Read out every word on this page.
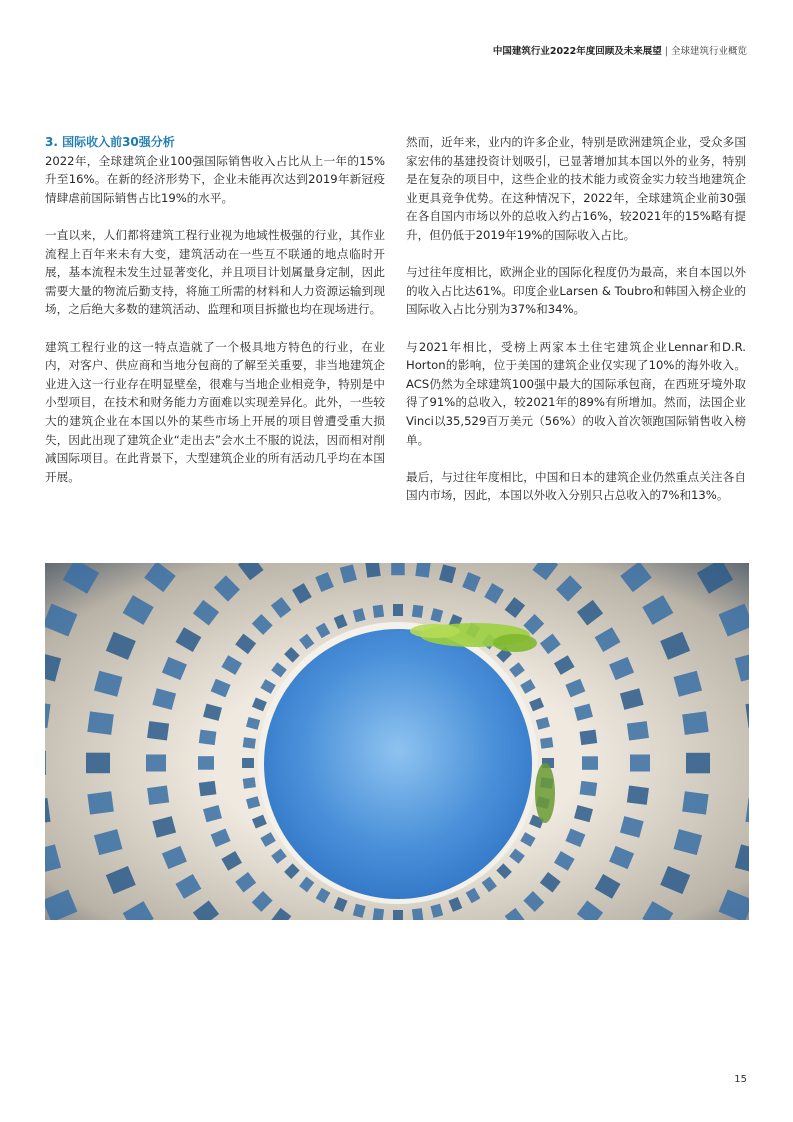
中国建筑行业2022年度回顾及未来展望 | 全球建筑行业概览
3. 国际收入前30强分析

2022年，全球建筑企业100强国际销售收入占比从上一年的15%升至16%。在新的经济形势下，企业未能再次达到2019年新冠疫情肆虐前国际销售占比19%的水平。

一直以来，人们都将建筑工程行业视为地域性极强的行业，其作业流程上百年来未有大变，建筑活动在一些互不联通的地点临时开展，基本流程未发生过显著变化，并且项目计划属量身定制，因此需要大量的物流后勤支持，将施工所需的材料和人力资源运输到现场，之后绝大多数的建筑活动、监理和项目拆撤也均在现场进行。

建筑工程行业的这一特点造就了一个极具地方特色的行业，在业内，对客户、供应商和当地分包商的了解至关重要，非当地建筑企业进入这一行业存在明显壁垒，很难与当地企业相竞争，特别是中小型项目，在技术和财务能力方面难以实现差异化。此外，一些较大的建筑企业在本国以外的某些市场上开展的项目曾遭受重大损失，因此出现了建筑企业“走出去”会水土不服的说法，因而相对削减国际项目。在此背景下，大型建筑企业的所有活动几乎均在本国开展。

然而，近年来，业内的许多企业，特别是欧洲建筑企业，受众多国家宏伟的基建投资计划吸引，已显著增加其本国以外的业务，特别是在复杂的项目中，这些企业的技术能力或资金实力较当地建筑企业更具竞争优势。在这种情况下，2022年，全球建筑企业前30强在各自国内市场以外的总收入约占16%，较2021年的15%略有提升，但仍低于2019年19%的国际收入占比。

与过往年度相比，欧洲企业的国际化程度仍为最高，来自本国以外的收入占比达61%。印度企业Larsen & Toubro和韩国入榜企业的国际收入占比分别为37%和34%。

与2021年相比，受榜上两家本土住宅建筑企业Lennar和D.R. Horton的影响，位于美国的建筑企业仅实现了10%的海外收入。ACS仍然为全球建筑100强中最大的国际承包商，在西班牙境外取得了91%的总收入，较2021年的89%有所增加。然而，法国企业Vinci以35,529百万美元（56%）的收入首次领跑国际销售收入榜单。

最后，与过往年度相比，中国和日本的建筑企业仍然重点关注各自国内市场，因此，本国以外收入分别只占总收入的7%和13%。

15
